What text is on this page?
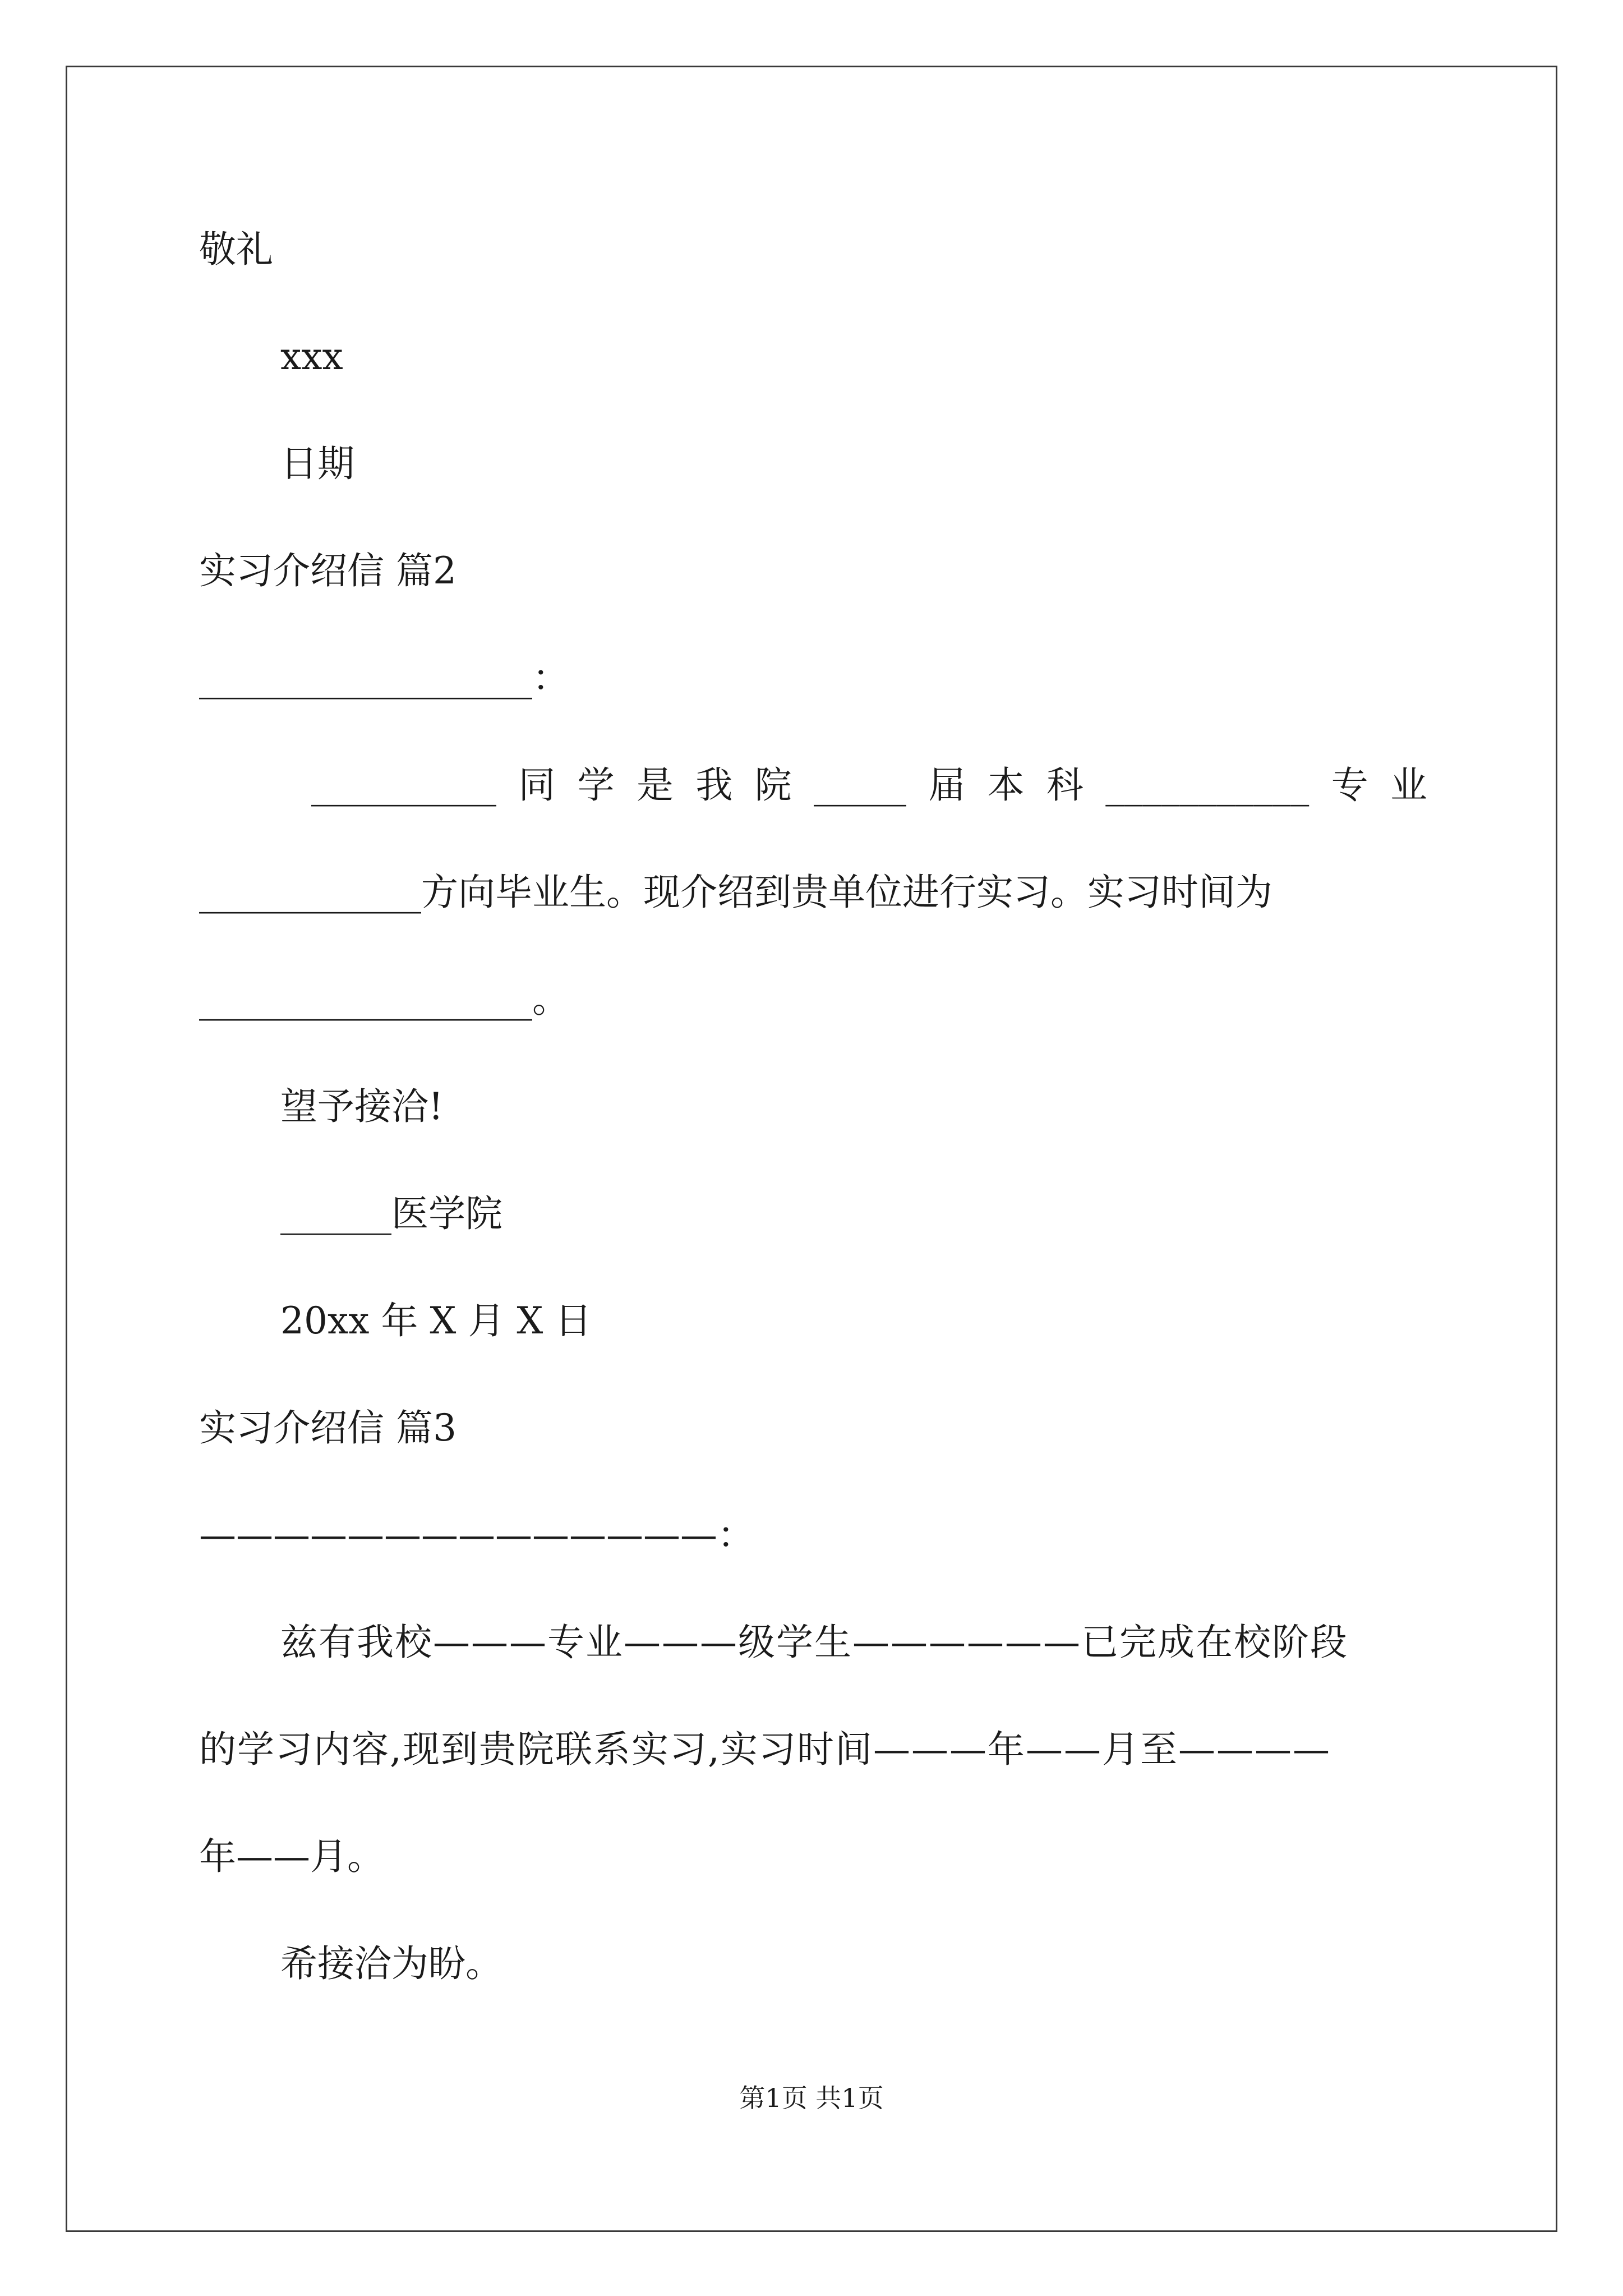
敬礼
xxx
日期
实习介绍信 篇2
__________________：
__________ 同 学 是 我 院 _____ 届 本 科 ___________ 专 业
____________方向毕业生。现介绍到贵单位进行实习。实习时间为
__________________。
望予接洽!
______医学院
20xx 年 X 月 X 日
实习介绍信 篇3
——————————————：
兹有我校———专业———级学生——————已完成在校阶段
的学习内容,现到贵院联系实习,实习时间———年——月至————
年——月。
希接洽为盼。
第1页 共1页
